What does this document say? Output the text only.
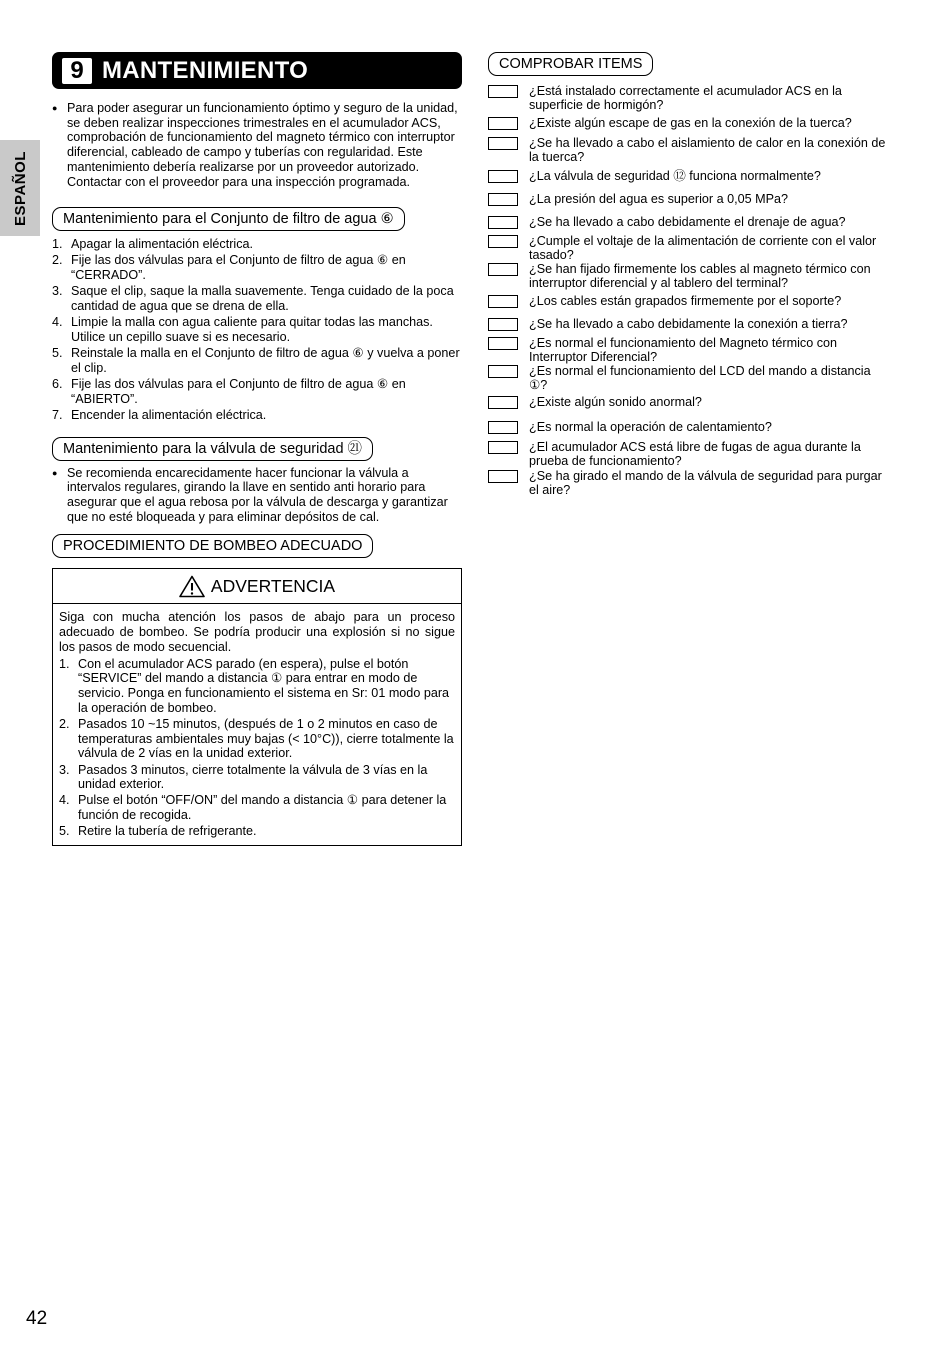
ESPAÑOL
9 MANTENIMIENTO
● Para poder asegurar un funcionamiento óptimo y seguro de la unidad, se deben realizar inspecciones trimestrales en el acumulador ACS, comprobación de funcionamiento del magneto térmico con interruptor diferencial, cableado de campo y tuberías con regularidad. Este mantenimiento debería realizarse por un proveedor autorizado. Contactar con el proveedor para una inspección programada.
Mantenimiento para el Conjunto de filtro de agua ⑥
1. Apagar la alimentación eléctrica.
2. Fije las dos válvulas para el Conjunto de filtro de agua ⑥ en “CERRADO”.
3. Saque el clip, saque la malla suavemente. Tenga cuidado de la poca cantidad de agua que se drena de ella.
4. Limpie la malla con agua caliente para quitar todas las manchas. Utilice un cepillo suave si es necesario.
5. Reinstale la malla en el Conjunto de filtro de agua ⑥ y vuelva a poner el clip.
6. Fije las dos válvulas para el Conjunto de filtro de agua ⑥ en “ABIERTO”.
7. Encender la alimentación eléctrica.
Mantenimiento para la válvula de seguridad ㉑
● Se recomienda encarecidamente hacer funcionar la válvula a intervalos regulares, girando la llave en sentido anti horario para asegurar que el agua rebosa por la válvula de descarga y garantizar que no esté bloqueada y para eliminar depósitos de cal.
PROCEDIMIENTO DE BOMBEO ADECUADO
ADVERTENCIA
Siga con mucha atención los pasos de abajo para un proceso adecuado de bombeo. Se podría producir una explosión si no sigue los pasos de modo secuencial.
1. Con el acumulador ACS parado (en espera), pulse el botón “SERVICE” del mando a distancia ① para entrar en modo de servicio. Ponga en funcionamiento el sistema en Sr: 01 modo para la operación de bombeo.
2. Pasados 10 ~15 minutos, (después de 1 o 2 minutos en caso de temperaturas ambientales muy bajas (< 10°C)), cierre totalmente la válvula de 2 vías en la unidad exterior.
3. Pasados 3 minutos, cierre totalmente la válvula de 3 vías en la unidad exterior.
4. Pulse el botón “OFF/ON” del mando a distancia ① para detener la función de recogida.
5. Retire la tubería de refrigerante.
COMPROBAR ITEMS
¿Está instalado correctamente el acumulador ACS en la superficie de hormigón?
¿Existe algún escape de gas en la conexión de la tuerca?
¿Se ha llevado a cabo el aislamiento de calor en la conexión de la tuerca?
¿La válvula de seguridad ⑫ funciona normalmente?
¿La presión del agua es superior a 0,05 MPa?
¿Se ha llevado a cabo debidamente el drenaje de agua?
¿Cumple el voltaje de la alimentación de corriente con el valor tasado?
¿Se han fijado firmemente los cables al magneto térmico con interruptor diferencial y al tablero del terminal?
¿Los cables están grapados firmemente por el soporte?
¿Se ha llevado a cabo debidamente la conexión a tierra?
¿Es normal el funcionamiento del Magneto térmico con Interruptor Diferencial?
¿Es normal el funcionamiento del LCD del mando a distancia ①?
¿Existe algún sonido anormal?
¿Es normal la operación de calentamiento?
¿El acumulador ACS está libre de fugas de agua durante la prueba de funcionamiento?
¿Se ha girado el mando de la válvula de seguridad para purgar el aire?
42
